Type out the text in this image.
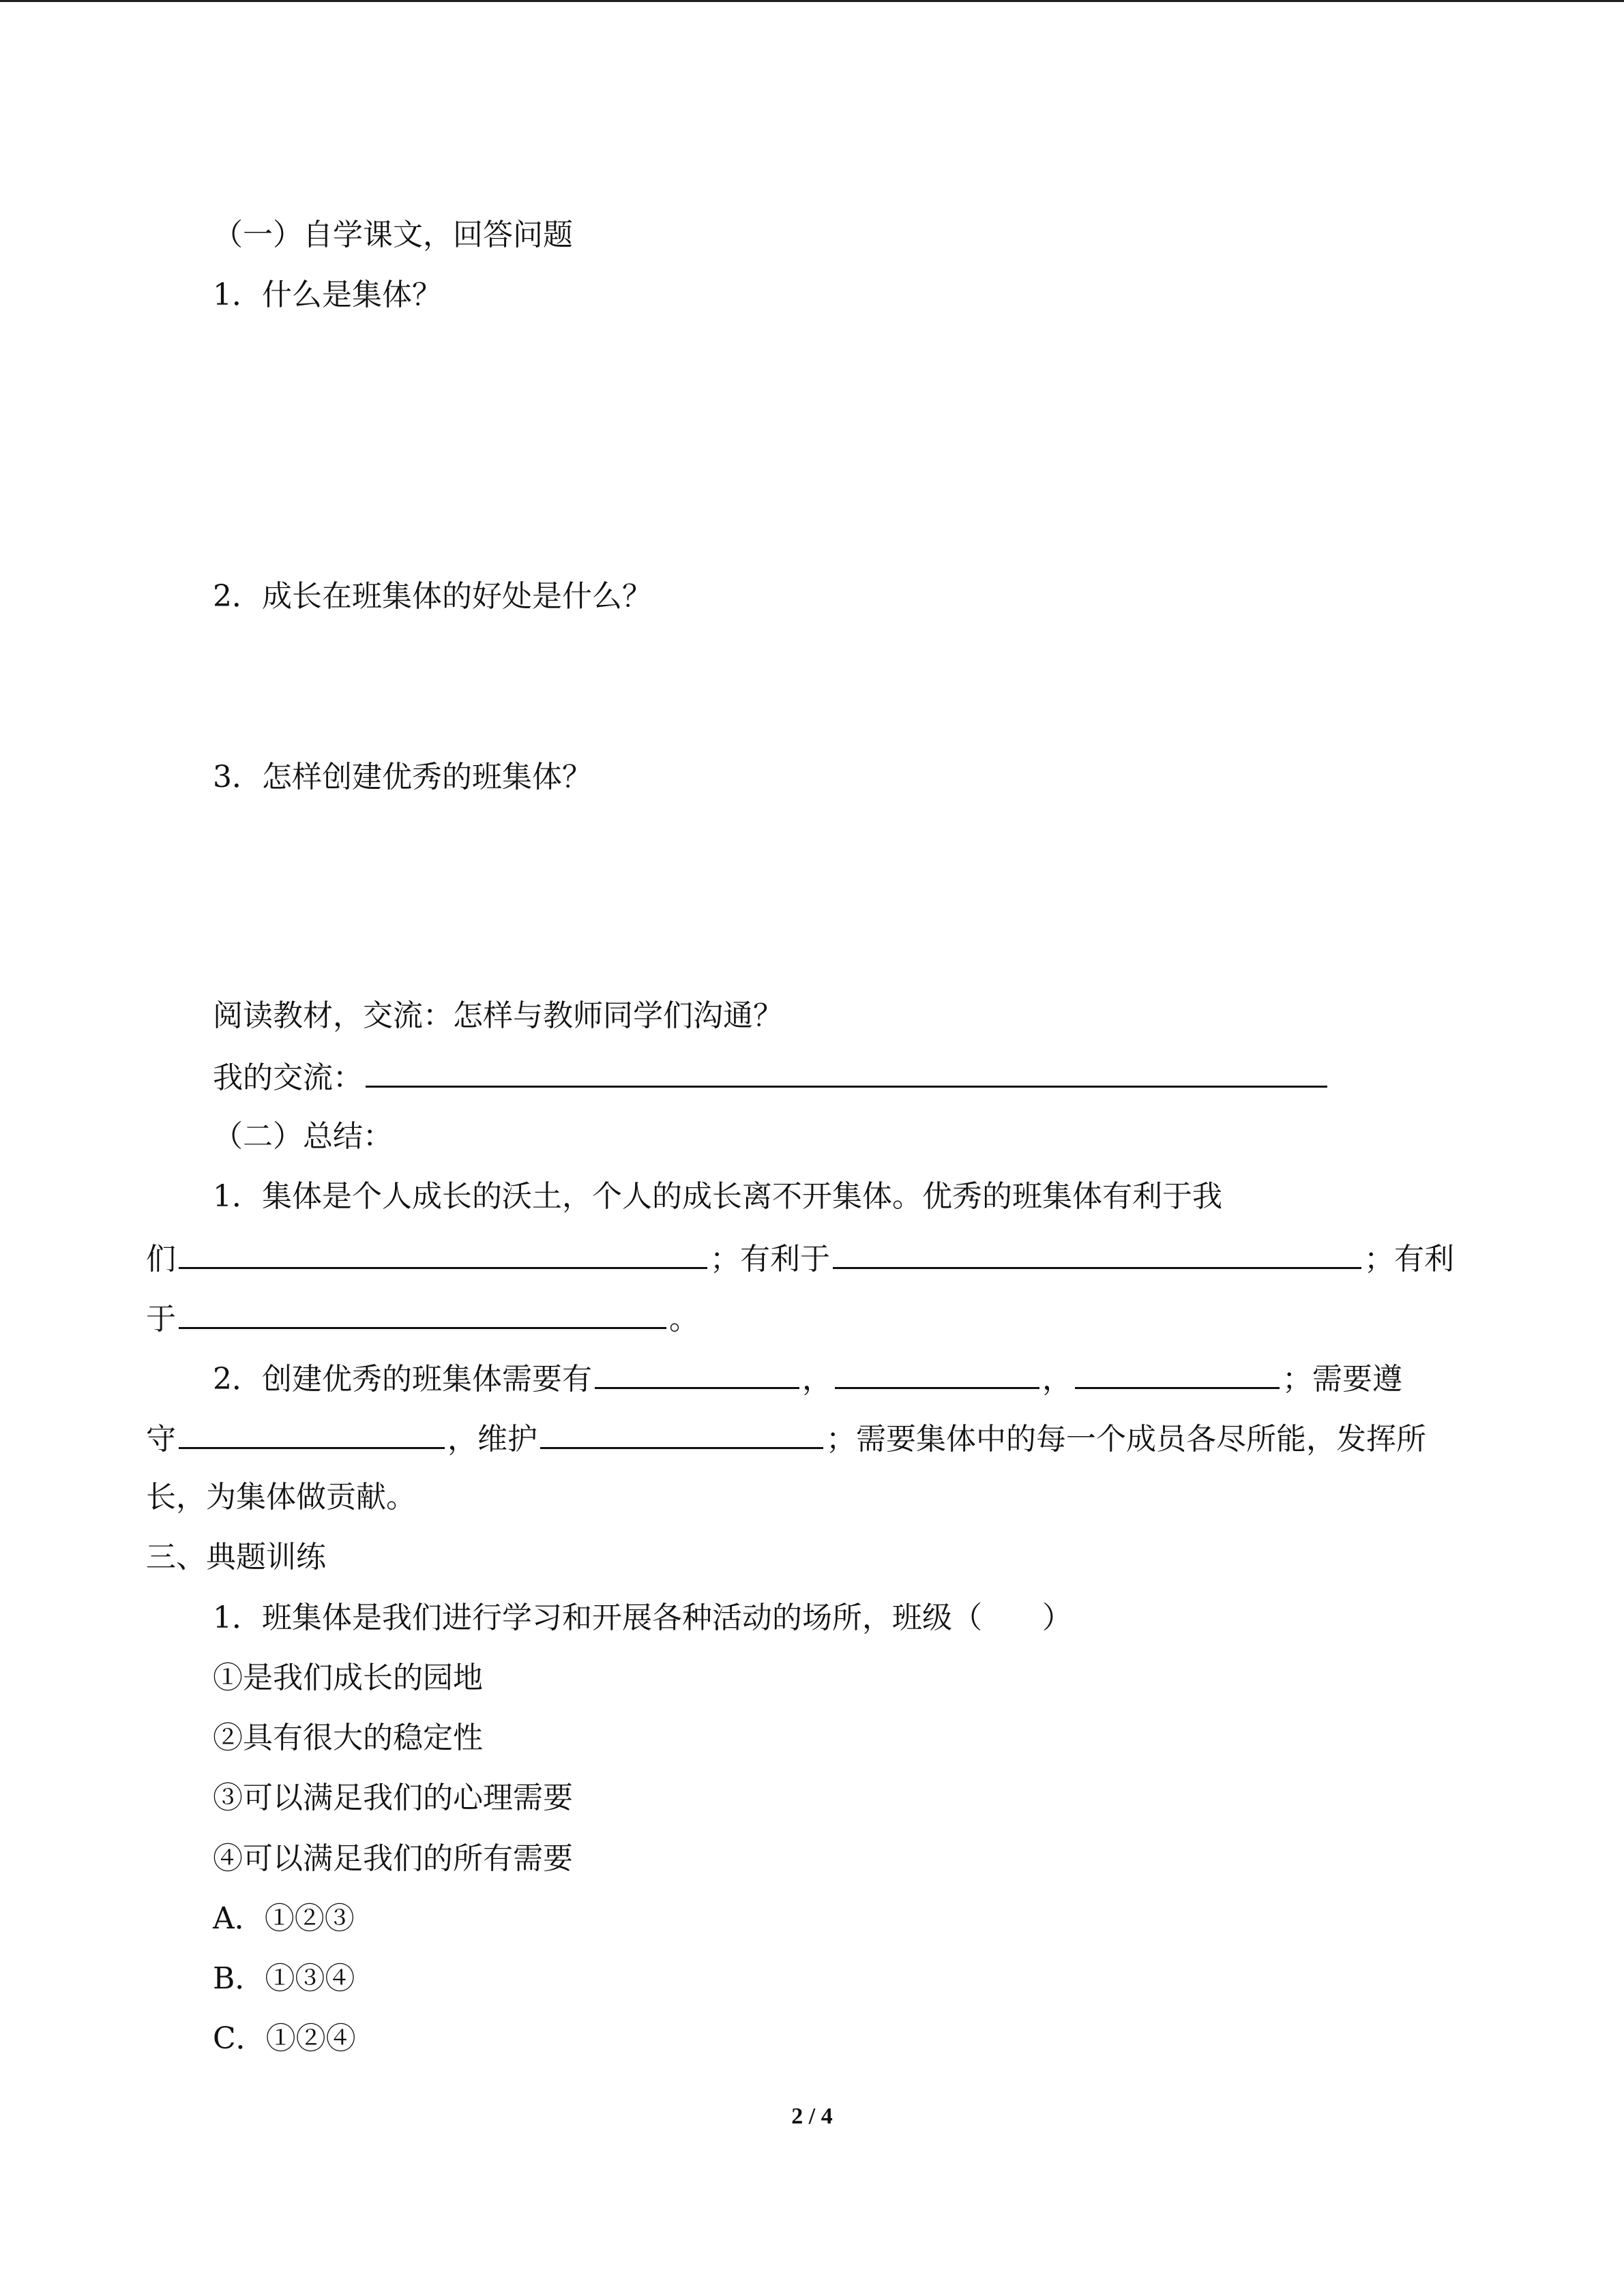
（一）自学课文，回答问题
1．什么是集体？
2．成长在班集体的好处是什么？
3．怎样创建优秀的班集体？
阅读教材，交流：怎样与教师同学们沟通？
我的交流：
（二）总结：
1．集体是个人成长的沃土，个人的成长离不开集体。优秀的班集体有利于我
们	；有利于	；有利
于	。
2．创建优秀的班集体需要有	，	，	；需要遵
守	，维护	；需要集体中的每一个成员各尽所能，发挥所
长，为集体做贡献。
三、典题训练
1．班集体是我们进行学习和开展各种活动的场所，班级（　　）
①是我们成长的园地
②具有很大的稳定性
③可以满足我们的心理需要
④可以满足我们的所有需要
A．①②③
B．①③④
C．①②④
2 / 4
